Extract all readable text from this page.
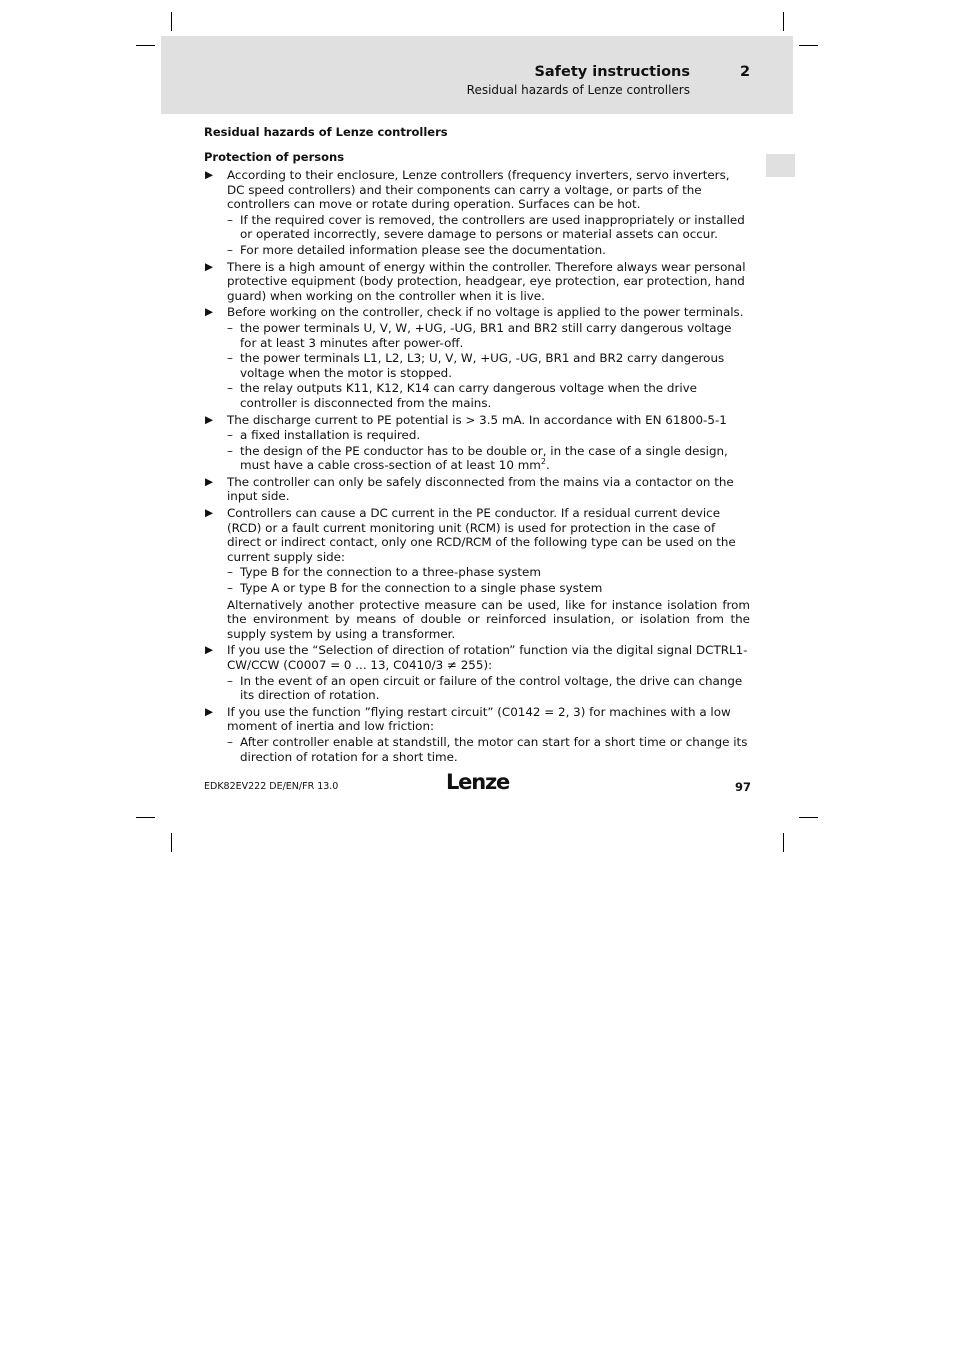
Safety instructions	2
Residual hazards of Lenze controllers
Residual hazards of Lenze controllers
Protection of persons
▶ According to their enclosure, Lenze controllers (frequency inverters, servo inverters, DC speed controllers) and their components can carry a voltage, or parts of the controllers can move or rotate during operation. Surfaces can be hot.
– If the required cover is removed, the controllers are used inappropriately or installed or operated incorrectly, severe damage to persons or material assets can occur.
– For more detailed information please see the documentation.
▶ There is a high amount of energy within the controller. Therefore always wear personal protective equipment (body protection, headgear, eye protection, ear protection, hand guard) when working on the controller when it is live.
▶ Before working on the controller, check if no voltage is applied to the power terminals.
– the power terminals U, V, W, +UG, -UG, BR1 and BR2 still carry dangerous voltage for at least 3 minutes after power-off.
– the power terminals L1, L2, L3; U, V, W, +UG, -UG, BR1 and BR2 carry dangerous voltage when the motor is stopped.
– the relay outputs K11, K12, K14 can carry dangerous voltage when the drive controller is disconnected from the mains.
▶ The discharge current to PE potential is > 3.5 mA. In accordance with EN 61800-5-1
– a fixed installation is required.
– the design of the PE conductor has to be double or, in the case of a single design, must have a cable cross-section of at least 10 $mm^2$.
▶ The controller can only be safely disconnected from the mains via a contactor on the input side.
▶ Controllers can cause a DC current in the PE conductor. If a residual current device (RCD) or a fault current monitoring unit (RCM) is used for protection in the case of direct or indirect contact, only one RCD/RCM of the following type can be used on the current supply side:
– Type B for the connection to a three-phase system
– Type A or type B for the connection to a single phase system
Alternatively another protective measure can be used, like for instance isolation from the environment by means of double or reinforced insulation, or isolation from the supply system by using a transformer.
▶ If you use the “Selection of direction of rotation” function via the digital signal DCTRL1-CW/CCW (C0007 = 0 ... 13, C0410/3 ≠ 255):
– In the event of an open circuit or failure of the control voltage, the drive can change its direction of rotation.
▶ If you use the function ”flying restart circuit” (C0142 = 2, 3) for machines with a low moment of inertia and low friction:
– After controller enable at standstill, the motor can start for a short time or change its direction of rotation for a short time.
EDK82EV222 DE/EN/FR 13.0	Lenze	97
